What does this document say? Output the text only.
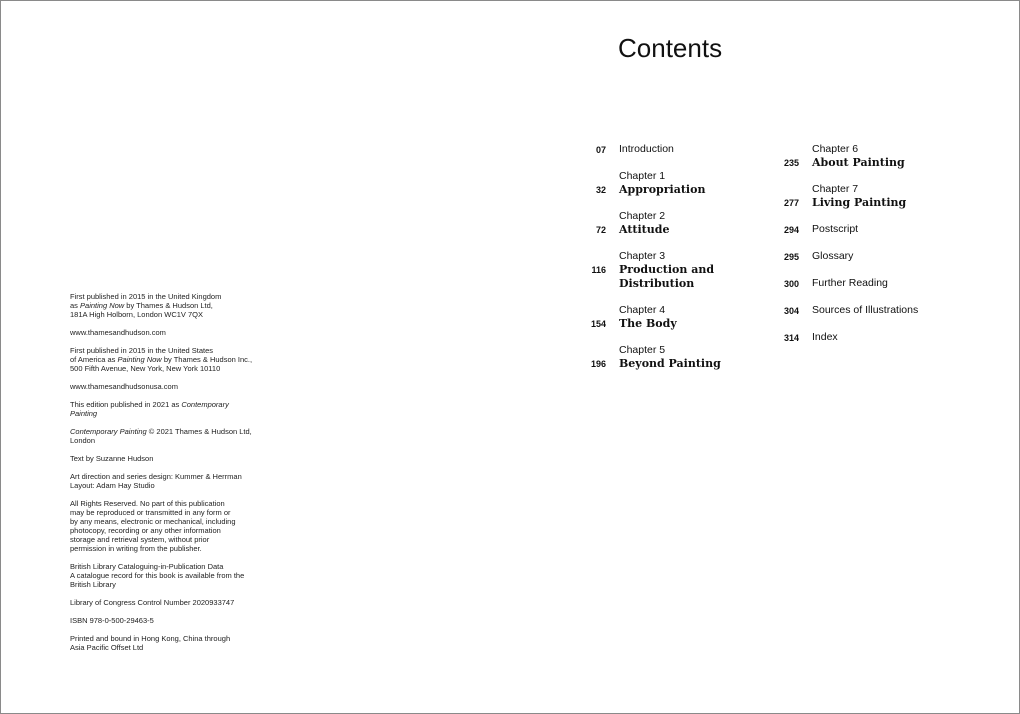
First published in 2015 in the United Kingdom
as Painting Now by Thames & Hudson Ltd,
181A High Holborn, London WC1V 7QX

www.thamesandhudson.com

First published in 2015 in the United States
of America as Painting Now by Thames & Hudson Inc.,
500 Fifth Avenue, New York, New York 10110

www.thamesandhudsonusa.com

This edition published in 2021 as Contemporary
Painting

Contemporary Painting © 2021 Thames & Hudson Ltd,
London

Text by Suzanne Hudson

Art direction and series design: Kummer & Herrman
Layout: Adam Hay Studio

All Rights Reserved. No part of this publication
may be reproduced or transmitted in any form or
by any means, electronic or mechanical, including
photocopy, recording or any other information
storage and retrieval system, without prior
permission in writing from the publisher.

British Library Cataloguing-in-Publication Data
A catalogue record for this book is available from the
British Library

Library of Congress Control Number 2020933747

ISBN 978-0-500-29463-5

Printed and bound in Hong Kong, China through
Asia Pacific Offset Ltd

Contents
07 Introduction
32
Chapter 1
Appropriation
72
Chapter 2
Attitude
116
Chapter 3
Production and
Distribution
154
Chapter 4
The Body
196
Chapter 5
Beyond Painting
235
Chapter 6
About Painting
277
Chapter 7
Living Painting
294 Postscript
295 Glossary
300 Further Reading
304 Sources of Illustrations
314 Index
